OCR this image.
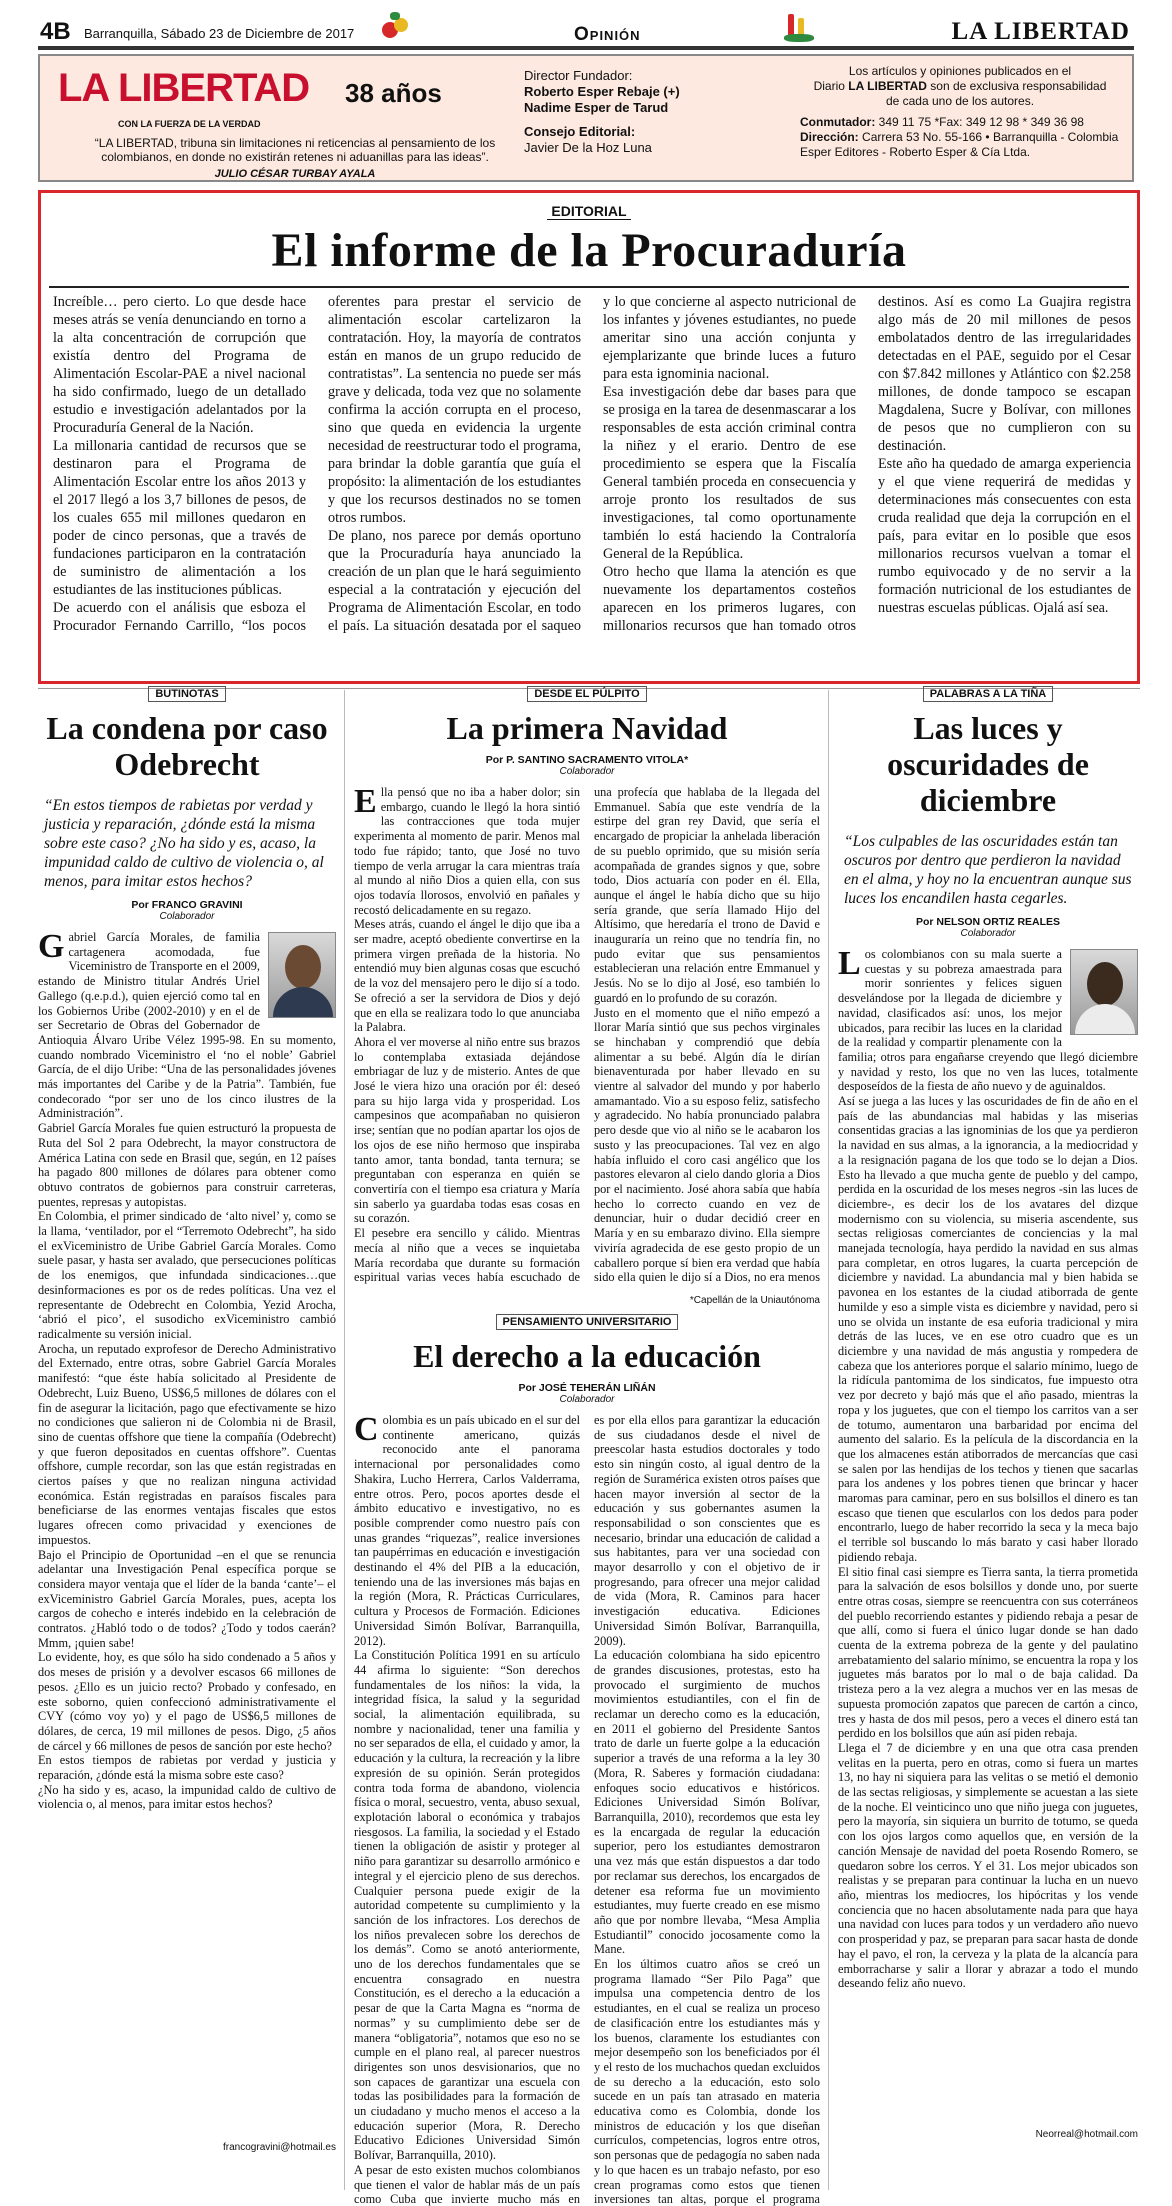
4B Barranquilla, Sábado 23 de Diciembre de 2017	Opinión	LA LIBERTAD
LA LIBERTAD 38 años
CON LA FUERZA DE LA VERDAD
“LA LIBERTAD, tribuna sin limitaciones ni reticencias al pensamiento de los colombianos, en donde no existirán retenes ni aduanillas para las ideas”.
JULIO CÉSAR TURBAY AYALA
Director Fundador:
Roberto Esper Rebaje (+)
Nadime Esper de Tarud
Consejo Editorial:
Javier De la Hoz Luna
Los artículos y opiniones publicados en el
Diario LA LIBERTAD son de exclusiva responsabilidad
de cada uno de los autores.
Conmutador: 349 11 75 *Fax: 349 12 98 * 349 36 98
Dirección: Carrera 53 No. 55-166 • Barranquilla - Colombia
Esper Editores - Roberto Esper & Cía Ltda.
EDITORIAL
El informe de la Procuraduría

Increíble… pero cierto. Lo que desde hace meses atrás se venía denunciando en torno a la alta concentración de corrupción que existía dentro del Programa de Alimentación Escolar-PAE a nivel nacional ha sido confirmado, luego de un detallado estudio e investigación adelantados por la Procuraduría General de la Nación.

La millonaria cantidad de recursos que se destinaron para el Programa de Alimentación Escolar entre los años 2013 y el 2017 llegó a los 3,7 billones de pesos, de los cuales 655 mil millones quedaron en poder de cinco personas, que a través de fundaciones participaron en la contratación de suministro de alimentación a los estudiantes de las instituciones públicas.

De acuerdo con el análisis que esboza el Procurador Fernando Carrillo, “los pocos oferentes para prestar el servicio de alimentación escolar cartelizaron la contratación. Hoy, la mayoría de contratos están en manos de un grupo reducido de contratistas”. La sentencia no puede ser más grave y delicada, toda vez que no solamente confirma la acción corrupta en el proceso, sino que queda en evidencia la urgente necesidad de reestructurar todo el programa, para brindar la doble garantía que guía el propósito: la alimentación de los estudiantes y que los recursos destinados no se tomen otros rumbos.

De plano, nos parece por demás oportuno que la Procuraduría haya anunciado la creación de un plan que le hará seguimiento especial a la contratación y ejecución del Programa de Alimentación Escolar, en todo el país. La situación desatada por el saqueo y lo que concierne al aspecto nutricional de los infantes y jóvenes estudiantes, no puede ameritar sino una acción conjunta y ejemplarizante que brinde luces a futuro para esta ignominia nacional.

Esa investigación debe dar bases para que se prosiga en la tarea de desenmascarar a los responsables de esta acción criminal contra la niñez y el erario. Dentro de ese procedimiento se espera que la Fiscalía General también proceda en consecuencia y arroje pronto los resultados de sus investigaciones, tal como oportunamente también lo está haciendo la Contraloría General de la República.

Otro hecho que llama la atención es que nuevamente los departamentos costeños aparecen en los primeros lugares, con millonarios recursos que han tomado otros destinos. Así es como La Guajira registra algo más de 20 mil millones de pesos embolatados dentro de las irregularidades detectadas en el PAE, seguido por el Cesar con $7.842 millones y Atlántico con $2.258 millones, de donde tampoco se escapan Magdalena, Sucre y Bolívar, con millones de pesos que no cumplieron con su destinación.

Este año ha quedado de amarga experiencia y el que viene requerirá de medidas y determinaciones más consecuentes con esta cruda realidad que deja la corrupción en el país, para evitar en lo posible que esos millonarios recursos vuelvan a tomar el rumbo equivocado y de no servir a la formación nutricional de los estudiantes de nuestras escuelas públicas. Ojalá así sea.

BUTINOTAS
La condena por caso Odebrecht
“En estos tiempos de rabietas por verdad y justicia y reparación, ¿dónde está la misma sobre este caso? ¿No ha sido y es, acaso, la impunidad caldo de cultivo de violencia o, al menos, para imitar estos hechos?
Por FRANCO GRAVINI
Colaborador
G abriel García Morales, de familia cartagenera acomodada, fue Viceministro de Transporte en el 2009, estando de Ministro titular Andrés Uriel Gallego (q.e.p.d.), quien ejerció como tal en los Gobiernos Uribe (2002-2010) y en el de ser Secretario de Obras del Gobernador de Antioquia Álvaro Uribe Vélez 1995-98. En su momento, cuando nombrado Viceministro el ‘no el noble’ Gabriel García, de el dijo Uribe: “Una de las personalidades jóvenes más importantes del Caribe y de la Patria”. También, fue condecorado “por ser uno de los cinco ilustres de la Administración”.

Gabriel García Morales fue quien estructuró la propuesta de Ruta del Sol 2 para Odebrecht, la mayor constructora de América Latina con sede en Brasil que, según, en 12 países ha pagado 800 millones de dólares para obtener como obtuvo contratos de gobiernos para construir carreteras, puentes, represas y autopistas.

En Colombia, el primer sindicado de ‘alto nivel’ y, como se la llama, ‘ventilador, por el “Terremoto Odebrecht”, ha sido el exViceministro de Uribe Gabriel García Morales. Como suele pasar, y hasta ser avalado, que persecuciones políticas de los enemigos, que infundada sindicaciones…que desinformaciones es por os de redes políticas. Una vez el representante de Odebrecht en Colombia, Yezid Arocha, ‘abrió el pico’, el susodicho exViceministro cambió radicalmente su versión inicial.

Arocha, un reputado exprofesor de Derecho Administrativo del Externado, entre otras, sobre Gabriel García Morales manifestó: “que éste había solicitado al Presidente de Odebrecht, Luiz Bueno, US$6,5 millones de dólares con el fin de asegurar la licitación, pago que efectivamente se hizo no condiciones que salieron ni de Colombia ni de Brasil, sino de cuentas offshore que tiene la compañía (Odebrecht) y que fueron depositados en cuentas offshore”. Cuentas offshore, cumple recordar, son las que están registradas en ciertos países y que no realizan ninguna actividad económica. Están registradas en paraísos fiscales para beneficiarse de las enormes ventajas fiscales que estos lugares ofrecen como privacidad y exenciones de impuestos.

Bajo el Principio de Oportunidad –en el que se renuncia adelantar una Investigación Penal específica porque se considera mayor ventaja que el líder de la banda ‘cante’– el exViceministro Gabriel García Morales, pues, acepta los cargos de cohecho e interés indebido en la celebración de contratos. ¿Habló todo o de todos? ¿Todo y todos caerán? Mmm, ¡quien sabe!

Lo evidente, hoy, es que sólo ha sido condenado a 5 años y dos meses de prisión y a devolver escasos 66 millones de pesos. ¿Ello es un juicio recto? Probado y confesado, en este soborno, quien confeccionó administrativamente el CVY (cómo voy yo) y el pago de US$6,5 millones de dólares, de cerca, 19 mil millones de pesos. Digo, ¿5 años de cárcel y 66 millones de pesos de sanción por este hecho?

En estos tiempos de rabietas por verdad y justicia y reparación, ¿dónde está la misma sobre este caso?

¿No ha sido y es, acaso, la impunidad caldo de cultivo de violencia o, al menos, para imitar estos hechos?

francogravini@hotmail.es
DESDE EL PÚLPITO
La primera Navidad
Por P. SANTINO SACRAMENTO VITOLA*
Colaborador
E lla pensó que no iba a haber dolor; sin embargo, cuando le llegó la hora sintió las contracciones que toda mujer experimenta al momento de parir. Menos mal todo fue rápido; tanto, que José no tuvo tiempo de verla arrugar la cara mientras traía al mundo al niño Dios a quien ella, con sus ojos todavía llorosos, envolvió en pañales y recostó delicadamente en su regazo.

Meses atrás, cuando el ángel le dijo que iba a ser madre, aceptó obediente convertirse en la primera virgen preñada de la historia. No entendió muy bien algunas cosas que escuchó de la voz del mensajero pero le dijo sí a todo. Se ofreció a ser la servidora de Dios y dejó que en ella se realizara todo lo que anunciaba la Palabra.

Ahora el ver moverse al niño entre sus brazos lo contemplaba extasiada dejándose embriagar de luz y de misterio. Antes de que José le viera hizo una oración por él: deseó para su hijo larga vida y prosperidad. Los campesinos que acompañaban no quisieron irse; sentían que no podían apartar los ojos de los ojos de ese niño hermoso que inspiraba tanto amor, tanta bondad, tanta ternura; se preguntaban con esperanza en quién se convertiría con el tiempo esa criatura y María sin saberlo ya guardaba todas esas cosas en su corazón.

El pesebre era sencillo y cálido. Mientras mecía al niño que a veces se inquietaba María recordaba que durante su formación espiritual varias veces había escuchado de una profecía que hablaba de la llegada del Emmanuel. Sabía que este vendría de la estirpe del gran rey David, que sería el encargado de propiciar la anhelada liberación de su pueblo oprimido, que su misión sería acompañada de grandes signos y que, sobre todo, Dios actuaría con poder en él. Ella, aunque el ángel le había dicho que su hijo sería grande, que sería llamado Hijo del Altísimo, que heredaría el trono de David e inauguraría un reino que no tendría fin, no pudo evitar que sus pensamientos establecieran una relación entre Emmanuel y Jesús. No se lo dijo al José, eso también lo guardó en lo profundo de su corazón.

Justo en el momento que el niño empezó a llorar María sintió que sus pechos virginales se hinchaban y comprendió que debía alimentar a su bebé. Algún día le dirían bienaventurada por haber llevado en su vientre al salvador del mundo y por haberlo amamantado. Vio a su esposo feliz, satisfecho y agradecido. No había pronunciado palabra pero desde que vio al niño se le acabaron los susto y las preocupaciones. Tal vez en algo había influido el coro casi angélico que los pastores elevaron al cielo dando gloria a Dios por el nacimiento. José ahora sabía que había hecho lo correcto cuando en vez de denunciar, huir o dudar decidió creer en María y en su embarazo divino. Ella siempre viviría agradecida de ese gesto propio de un caballero porque sí bien era verdad que había sido ella quien le dijo sí a Dios, no era menos

*Capellán de la Uniautónoma
PENSAMIENTO UNIVERSITARIO
El derecho a la educación
Por JOSÉ TEHERÁN LIÑÁN
Colaborador
C olombia es un país ubicado en el sur del continente americano, quizás reconocido ante el panorama internacional por personalidades como Shakira, Lucho Herrera, Carlos Valderrama, entre otros. Pero, pocos aportes desde el ámbito educativo e investigativo, no es posible comprender como nuestro país con unas grandes “riquezas”, realice inversiones tan paupérrimas en educación e investigación destinando el 4% del PIB a la educación, teniendo una de las inversiones más bajas en la región (Mora, R. Prácticas Curriculares, cultura y Procesos de Formación. Ediciones Universidad Simón Bolívar, Barranquilla, 2012).

La Constitución Política 1991 en su artículo 44 afirma lo siguiente: “Son derechos fundamentales de los niños: la vida, la integridad física, la salud y la seguridad social, la alimentación equilibrada, su nombre y nacionalidad, tener una familia y no ser separados de ella, el cuidado y amor, la educación y la cultura, la recreación y la libre expresión de su opinión. Serán protegidos contra toda forma de abandono, violencia física o moral, secuestro, venta, abuso sexual, explotación laboral o económica y trabajos riesgosos. La familia, la sociedad y el Estado tienen la obligación de asistir y proteger al niño para garantizar su desarrollo armónico e integral y el ejercicio pleno de sus derechos. Cualquier persona puede exigir de la autoridad competente su cumplimiento y la sanción de los infractores. Los derechos de los niños prevalecen sobre los derechos de los demás”. Como se anotó anteriormente, uno de los derechos fundamentales que se encuentra consagrado en nuestra Constitución, es el derecho a la educación a pesar de que la Carta Magna es “norma de normas” y su cumplimiento debe ser de manera “obligatoria”, notamos que eso no se cumple en el plano real, al parecer nuestros dirigentes son unos desvisionarios, que no son capaces de garantizar una escuela con todas las posibilidades para la formación de un ciudadano y mucho menos el acceso a la educación superior (Mora, R. Derecho Educativo Ediciones Universidad Simón Bolívar, Barranquilla, 2010).

A pesar de esto existen muchos colombianos que tienen el valor de hablar más de un país como Cuba que invierte mucho más en es por ella ellos para garantizar la educación de sus ciudadanos desde el nivel de preescolar hasta estudios doctorales y todo esto sin ningún costo, al igual dentro de la región de Suramérica existen otros países que hacen mayor inversión al sector de la educación y sus gobernantes asumen la responsabilidad o son conscientes que es necesario, brindar una educación de calidad a sus habitantes, para ver una sociedad con mayor desarrollo y con el objetivo de ir progresando, para ofrecer una mejor calidad de vida (Mora, R. Caminos para hacer investigación educativa. Ediciones Universidad Simón Bolívar, Barranquilla, 2009).

La educación colombiana ha sido epicentro de grandes discusiones, protestas, esto ha provocado el surgimiento de muchos movimientos estudiantiles, con el fin de reclamar un derecho como es la educación, en 2011 el gobierno del Presidente Santos trato de darle un fuerte golpe a la educación superior a través de una reforma a la ley 30 (Mora, R. Saberes y formación ciudadana: enfoques socio educativos e históricos. Ediciones Universidad Simón Bolívar, Barranquilla, 2010), recordemos que esta ley es la encargada de regular la educación superior, pero los estudiantes demostraron una vez más que están dispuestos a dar todo por reclamar sus derechos, los encargados de detener esa reforma fue un movimiento estudiantes, muy fuerte creado en ese mismo año que por nombre llevaba, “Mesa Amplia Estudiantil” conocido jocosamente como la Mane.

En los últimos cuatro años se creó un programa llamado “Ser Pilo Paga” que impulsa una competencia dentro de los estudiantes, en el cual se realiza un proceso de clasificación entre los estudiantes más y los buenos, claramente los estudiantes con mejor desempeño son los beneficiados por él y el resto de los muchachos quedan excluidos de su derecho a la educación, esto solo sucede en un país tan atrasado en materia educativa como es Colombia, donde los ministros de educación y los que diseñan currículos, competencias, logros entre otros, son personas que de pedagogía no saben nada y lo que hacen es un trabajo nefasto, por eso crean programas como estos que tienen inversiones tan altas, porque el programa

PALABRAS A LA TIÑA
Las luces y oscuridades de diciembre
“Los culpables de las oscuridades están tan oscuros por dentro que perdieron la navidad en el alma, y hoy no la encuentran aunque sus luces los encandilen hasta cegarles.
Por NELSON ORTIZ REALES
Colaborador
L os colombianos con su mala suerte a cuestas y su pobreza amaestrada para morir sonrientes y felices siguen desvelándose por la llegada de diciembre y navidad, clasificados así: unos, los mejor ubicados, para recibir las luces en la claridad de la realidad y compartir plenamente con la familia; otros para engañarse creyendo que llegó diciembre y navidad y resto, los que no ven las luces, totalmente desposeídos de la fiesta de año nuevo y de aguinaldos.

Así se juega a las luces y las oscuridades de fin de año en el país de las abundancias mal habidas y las miserias consentidas gracias a las ignominias de los que ya perdieron la navidad en sus almas, a la ignorancia, a la mediocridad y a la resignación pagana de los que todo se lo dejan a Dios. Esto ha llevado a que mucha gente de pueblo y del campo, perdida en la oscuridad de los meses negros -sin las luces de diciembre-, es decir los de los avatares del dizque modernismo con su violencia, su miseria ascendente, sus sectas religiosas comerciantes de conciencias y la mal manejada tecnología, haya perdido la navidad en sus almas para completar, en otros lugares, la cuarta percepción de diciembre y navidad. La abundancia mal y bien habida se pavonea en los estantes de la ciudad atiborrada de gente humilde y eso a simple vista es diciembre y navidad, pero si uno se olvida un instante de esa euforia tradicional y mira detrás de las luces, ve en ese otro cuadro que es un diciembre y una navidad de más angustia y rompedera de cabeza que los anteriores porque el salario mínimo, luego de la ridícula pantomima de los sindicatos, fue impuesto otra vez por decreto y bajó más que el año pasado, mientras la ropa y los juguetes, que con el tiempo los carritos van a ser de totumo, aumentaron una barbaridad por encima del aumento del salario. Es la película de la discordancia en la que los almacenes están atiborrados de mercancías que casi se salen por las hendijas de los techos y tienen que sacarlas para los andenes y los pobres tienen que brincar y hacer maromas para caminar, pero en sus bolsillos el dinero es tan escaso que tienen que escularlos con los dedos para poder encontrarlo, luego de haber recorrido la seca y la meca bajo el terrible sol buscando lo más barato y casi haber llorado pidiendo rebaja.

El sitio final casi siempre es Tierra santa, la tierra prometida para la salvación de esos bolsillos y donde uno, por suerte entre otras cosas, siempre se reencuentra con sus coterráneos del pueblo recorriendo estantes y pidiendo rebaja a pesar de que allí, como si fuera el único lugar donde se han dado cuenta de la extrema pobreza de la gente y del paulatino arrebatamiento del salario mínimo, se encuentra la ropa y los juguetes más baratos por lo mal o de baja calidad. Da tristeza pero a la vez alegra a muchos ver en las mesas de supuesta promoción zapatos que parecen de cartón a cinco, tres y hasta de dos mil pesos, pero a veces el dinero está tan perdido en los bolsillos que aún así piden rebaja.

Llega el 7 de diciembre y en una que otra casa prenden velitas en la puerta, pero en otras, como si fuera un martes 13, no hay ni siquiera para las velitas o se metió el demonio de las sectas religiosas, y simplemente se acuestan a las siete de la noche. El veinticinco uno que niño juega con juguetes, pero la mayoría, sin siquiera un burrito de totumo, se queda con los ojos largos como aquellos que, en versión de la canción Mensaje de navidad del poeta Rosendo Romero, se quedaron sobre los cerros. Y el 31. Los mejor ubicados son realistas y se preparan para continuar la lucha en un nuevo año, mientras los mediocres, los hipócritas y los vende conciencia que no hacen absolutamente nada para que haya una navidad con luces para todos y un verdadero año nuevo con prosperidad y paz, se preparan para sacar hasta de donde hay el pavo, el ron, la cerveza y la plata de la alcancía para emborracharse y salir a llorar y abrazar a todo el mundo deseando feliz año nuevo.

Neorreal@hotmail.com
